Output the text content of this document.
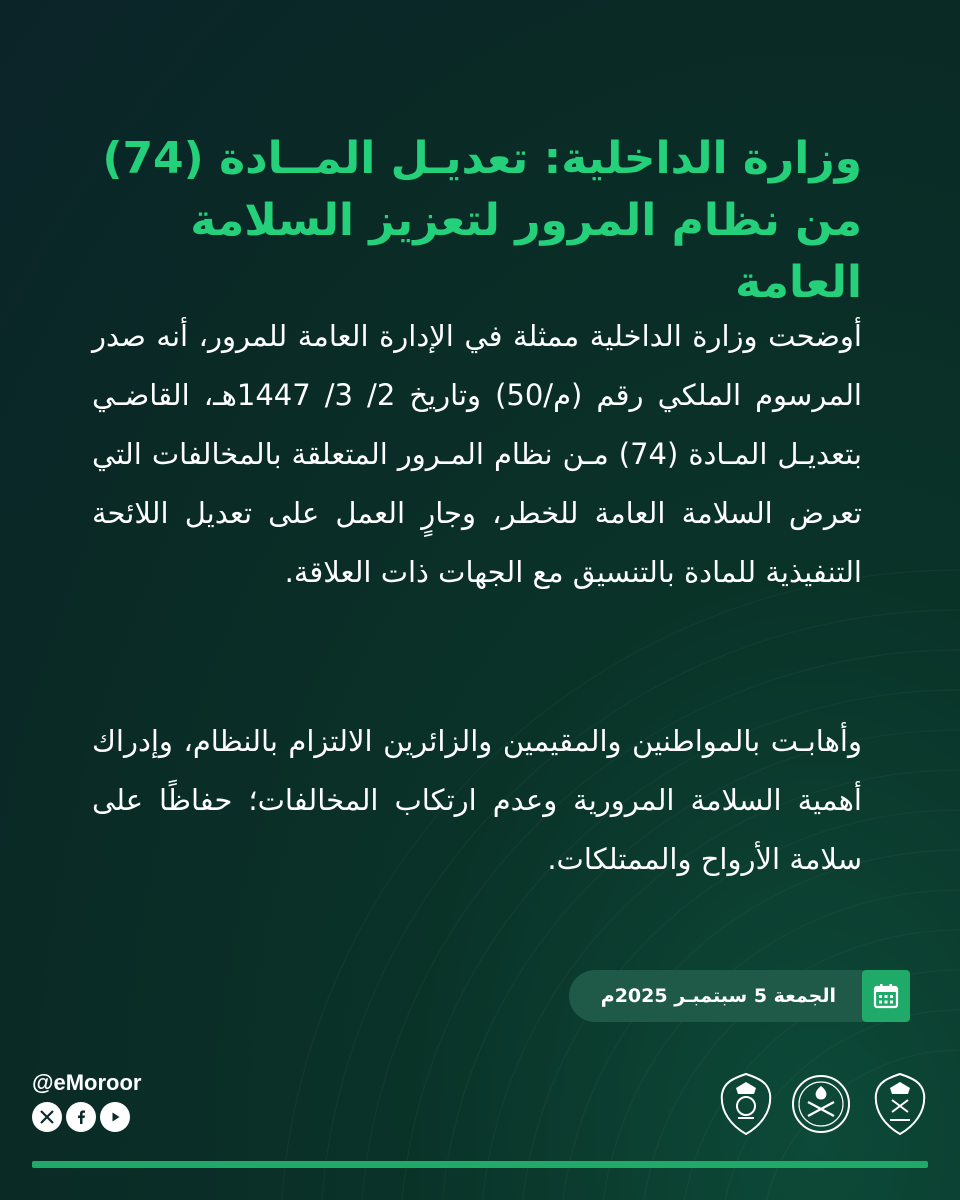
وزارة الداخلية: تعديـل المــادة (74)
من نظام المرور لتعزيز السلامة العامة

أوضحت وزارة الداخلية ممثلة في الإدارة العامة للمرور، أنه صدر المرسوم الملكي رقم (م/50) وتاريخ 2/ 3/ 1447هـ، القاضـي بتعديـل المـادة (74) مـن نظام المـرور المتعلقة بالمخالفات التي تعرض السلامة العامة للخطر، وجارٍ العمل على تعديل اللائحة التنفيذية للمادة بالتنسيق مع الجهات ذات العلاقة.

وأهابـت بالمواطنين والمقيمين والزائرين الالتزام بالنظام، وإدراك أهمية السلامة المرورية وعدم ارتكاب المخالفات؛ حفاظًا على سلامة الأرواح والممتلكات.

الجمعة 5 سبتمبـر 2025م
@eMoroor
